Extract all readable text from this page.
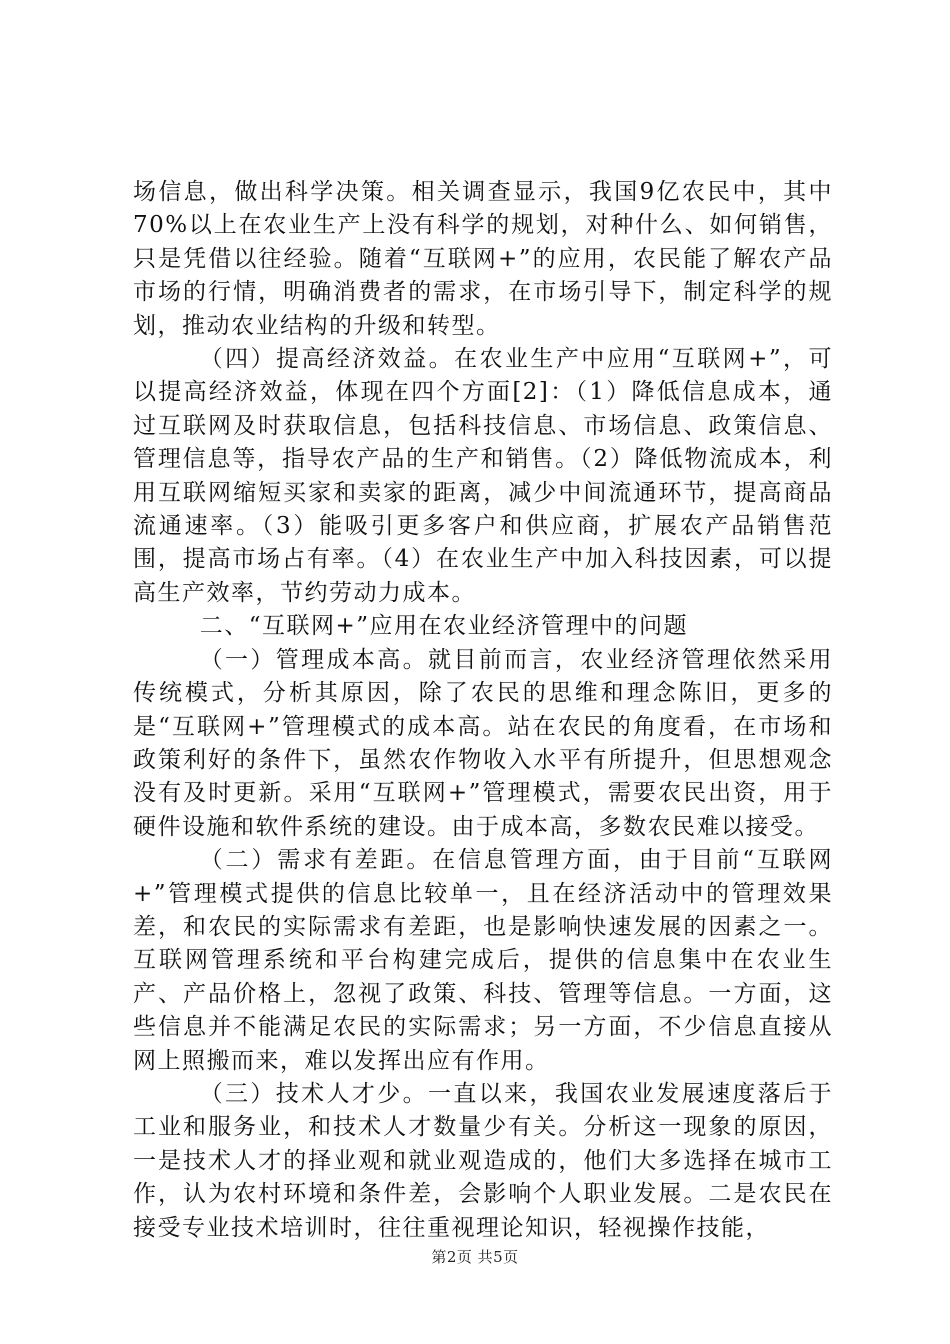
场信息，做出科学决策。相关调查显示，我国9亿农民中，其中70%以上在农业生产上没有科学的规划，对种什么、如何销售，只是凭借以往经验。随着“互联网+”的应用，农民能了解农产品市场的行情，明确消费者的需求，在市场引导下，制定科学的规划，推动农业结构的升级和转型。

（四）提高经济效益。在农业生产中应用“互联网+”，可以提高经济效益，体现在四个方面[2]：（1）降低信息成本，通过互联网及时获取信息，包括科技信息、市场信息、政策信息、管理信息等，指导农产品的生产和销售。（2）降低物流成本，利用互联网缩短买家和卖家的距离，减少中间流通环节，提高商品流通速率。（3）能吸引更多客户和供应商，扩展农产品销售范围，提高市场占有率。（4）在农业生产中加入科技因素，可以提高生产效率，节约劳动力成本。

二、“互联网+”应用在农业经济管理中的问题

（一）管理成本高。就目前而言，农业经济管理依然采用传统模式，分析其原因，除了农民的思维和理念陈旧，更多的是“互联网+”管理模式的成本高。站在农民的角度看，在市场和政策利好的条件下，虽然农作物收入水平有所提升，但思想观念没有及时更新。采用“互联网+”管理模式，需要农民出资，用于硬件设施和软件系统的建设。由于成本高，多数农民难以接受。

（二）需求有差距。在信息管理方面，由于目前“互联网+”管理模式提供的信息比较单一，且在经济活动中的管理效果差，和农民的实际需求有差距，也是影响快速发展的因素之一。互联网管理系统和平台构建完成后，提供的信息集中在农业生产、产品价格上，忽视了政策、科技、管理等信息。一方面，这些信息并不能满足农民的实际需求；另一方面，不少信息直接从网上照搬而来，难以发挥出应有作用。

（三）技术人才少。一直以来，我国农业发展速度落后于工业和服务业，和技术人才数量少有关。分析这一现象的原因，一是技术人才的择业观和就业观造成的，他们大多选择在城市工作，认为农村环境和条件差，会影响个人职业发展。二是农民在接受专业技术培训时，往往重视理论知识，轻视操作技能，

第2页 共5页
